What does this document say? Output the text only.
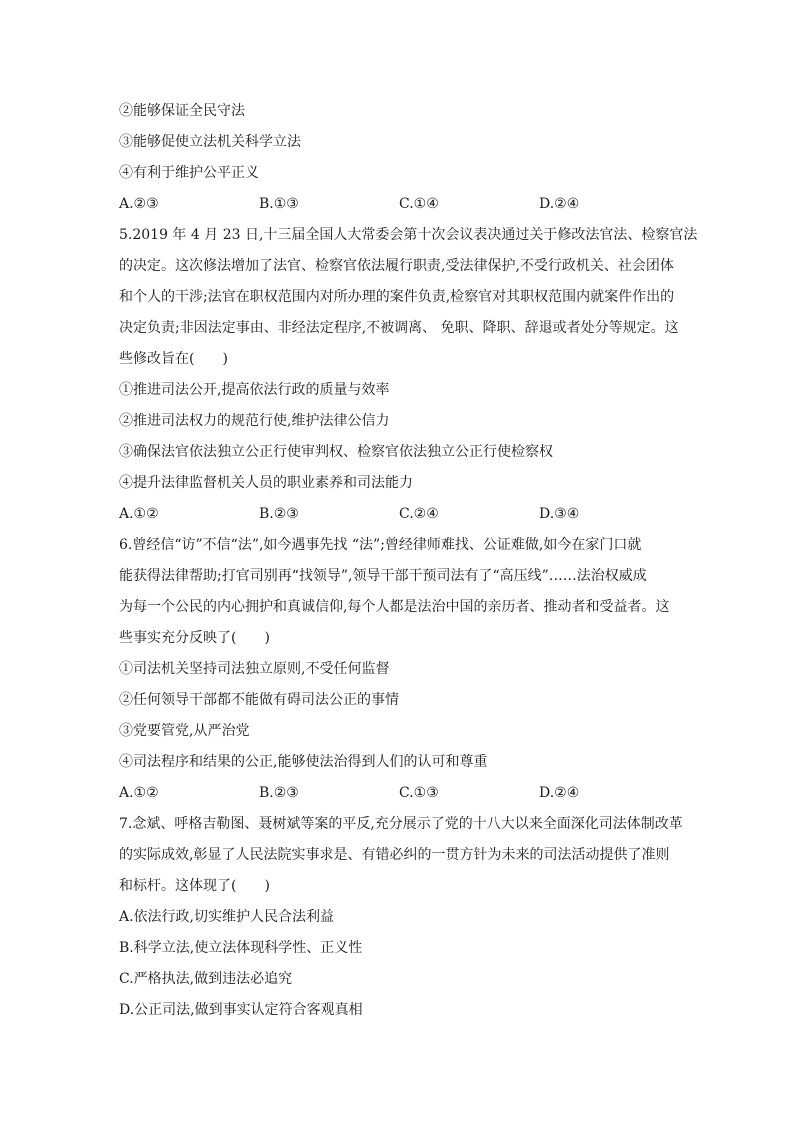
②能够保证全民守法

③能够促使立法机关科学立法

④有利于维护公平正义

A.②③	B.①③	C.①④	D.②④
5.2019 年 4 月 23 日,十三届全国人大常委会第十次会议表决通过关于修改法官法、检察官法
的决定。这次修法增加了法官、检察官依法履行职责,受法律保护,不受行政机关、社会团体
和个人的干涉;法官在职权范围内对所办理的案件负责,检察官对其职权范围内就案件作出的
决定负责;非因法定事由、非经法定程序,不被调离、 免职、降职、辞退或者处分等规定。这
些修改旨在(　　)

①推进司法公开,提高依法行政的质量与效率

②推进司法权力的规范行使,维护法律公信力

③确保法官依法独立公正行使审判权、检察官依法独立公正行使检察权

④提升法律监督机关人员的职业素养和司法能力

A.①②	B.②③	C.②④	D.③④
6.曾经信“访”不信“法”,如今遇事先找 “法”;曾经律师难找、公证难做,如今在家门口就
能获得法律帮助;打官司别再“找领导”,领导干部干预司法有了“高压线”……法治权威成
为每一个公民的内心拥护和真诚信仰,每个人都是法治中国的亲历者、推动者和受益者。这
些事实充分反映了(　　)

①司法机关坚持司法独立原则,不受任何监督

②任何领导干部都不能做有碍司法公正的事情

③党要管党,从严治党

④司法程序和结果的公正,能够使法治得到人们的认可和尊重

A.①②	B.②③	C.①③	D.②④
7.念斌、呼格吉勒图、聂树斌等案的平反,充分展示了党的十八大以来全面深化司法体制改革
的实际成效,彰显了人民法院实事求是、有错必纠的一贯方针为未来的司法活动提供了准则
和标杆。这体现了(　　)

A.依法行政,切实维护人民合法利益

B.科学立法,使立法体现科学性、正义性

C.严格执法,做到违法必追究

D.公正司法,做到事实认定符合客观真相
